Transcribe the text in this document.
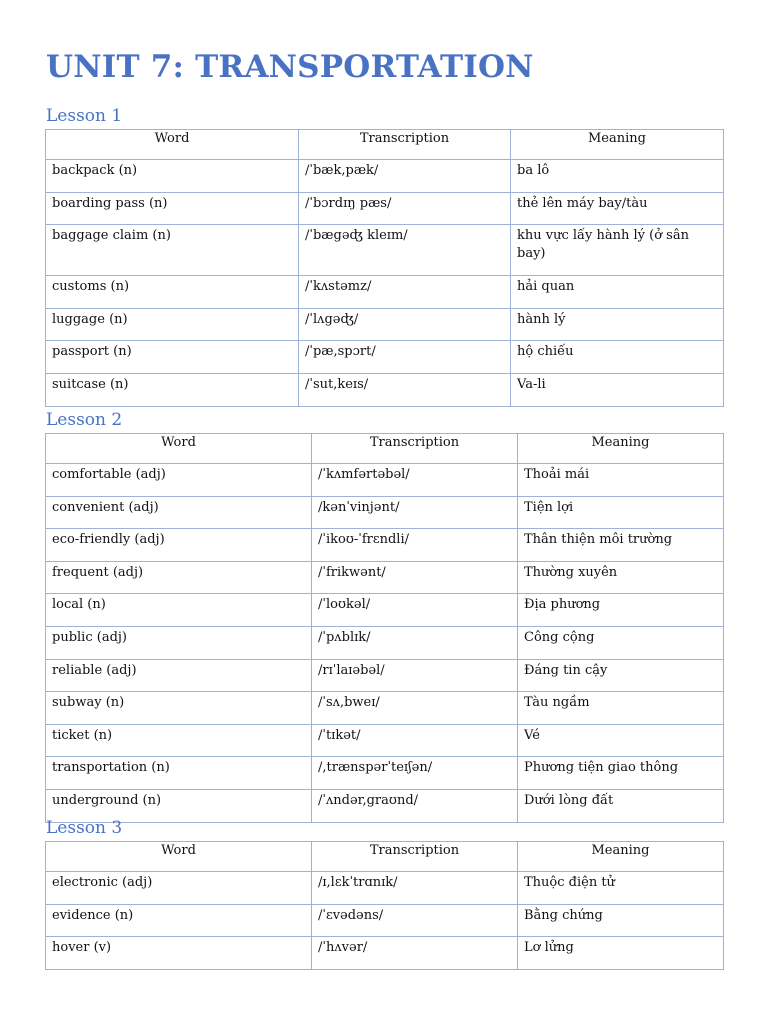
UNIT 7: TRANSPORTATION
Lesson 1
Word	Transcription	Meaning
backpack (n)	/ˈbæk,pæk/	ba lô
boarding pass (n)	/ˈbɔrdɪŋ pæs/	thẻ lên máy bay/tàu
baggage claim (n)	/ˈbægəʤ kleɪm/	khu vực lấy hành lý (ở sân bay)
customs (n)	/ˈkʌstəmz/	hải quan
luggage (n)	/ˈlʌgəʤ/	hành lý
passport (n)	/ˈpæ,spɔrt/	hộ chiếu
suitcase (n)	/ˈsut,keɪs/	Va-li
Lesson 2
Word	Transcription	Meaning
comfortable (adj)	/ˈkʌmfərtəbəl/	Thoải mái
convenient (adj)	/kənˈvinjənt/	Tiện lợi
eco-friendly (adj)	/ˈikoʊ-ˈfrɛndli/	Thân thiện môi trường
frequent (adj)	/ˈfrikwənt/	Thường xuyên
local (n)	/ˈloʊkəl/	Địa phương
public (adj)	/ˈpʌblɪk/	Công cộng
reliable (adj)	/rɪˈlaɪəbəl/	Đáng tin cậy
subway (n)	/ˈsʌ,bweɪ/	Tàu ngầm
ticket (n)	/ˈtɪkət/	Vé
transportation (n)	/,trænspərˈteɪʃən/	Phương tiện giao thông
underground (n)	/ˈʌndər,graʊnd/	Dưới lòng đất
Lesson 3
Word	Transcription	Meaning
electronic (adj)	/ɪ,lɛkˈtrɑnɪk/	Thuộc điện tử
evidence (n)	/ˈɛvədəns/	Bằng chứng
hover (v)	/ˈhʌvər/	Lơ lửng
